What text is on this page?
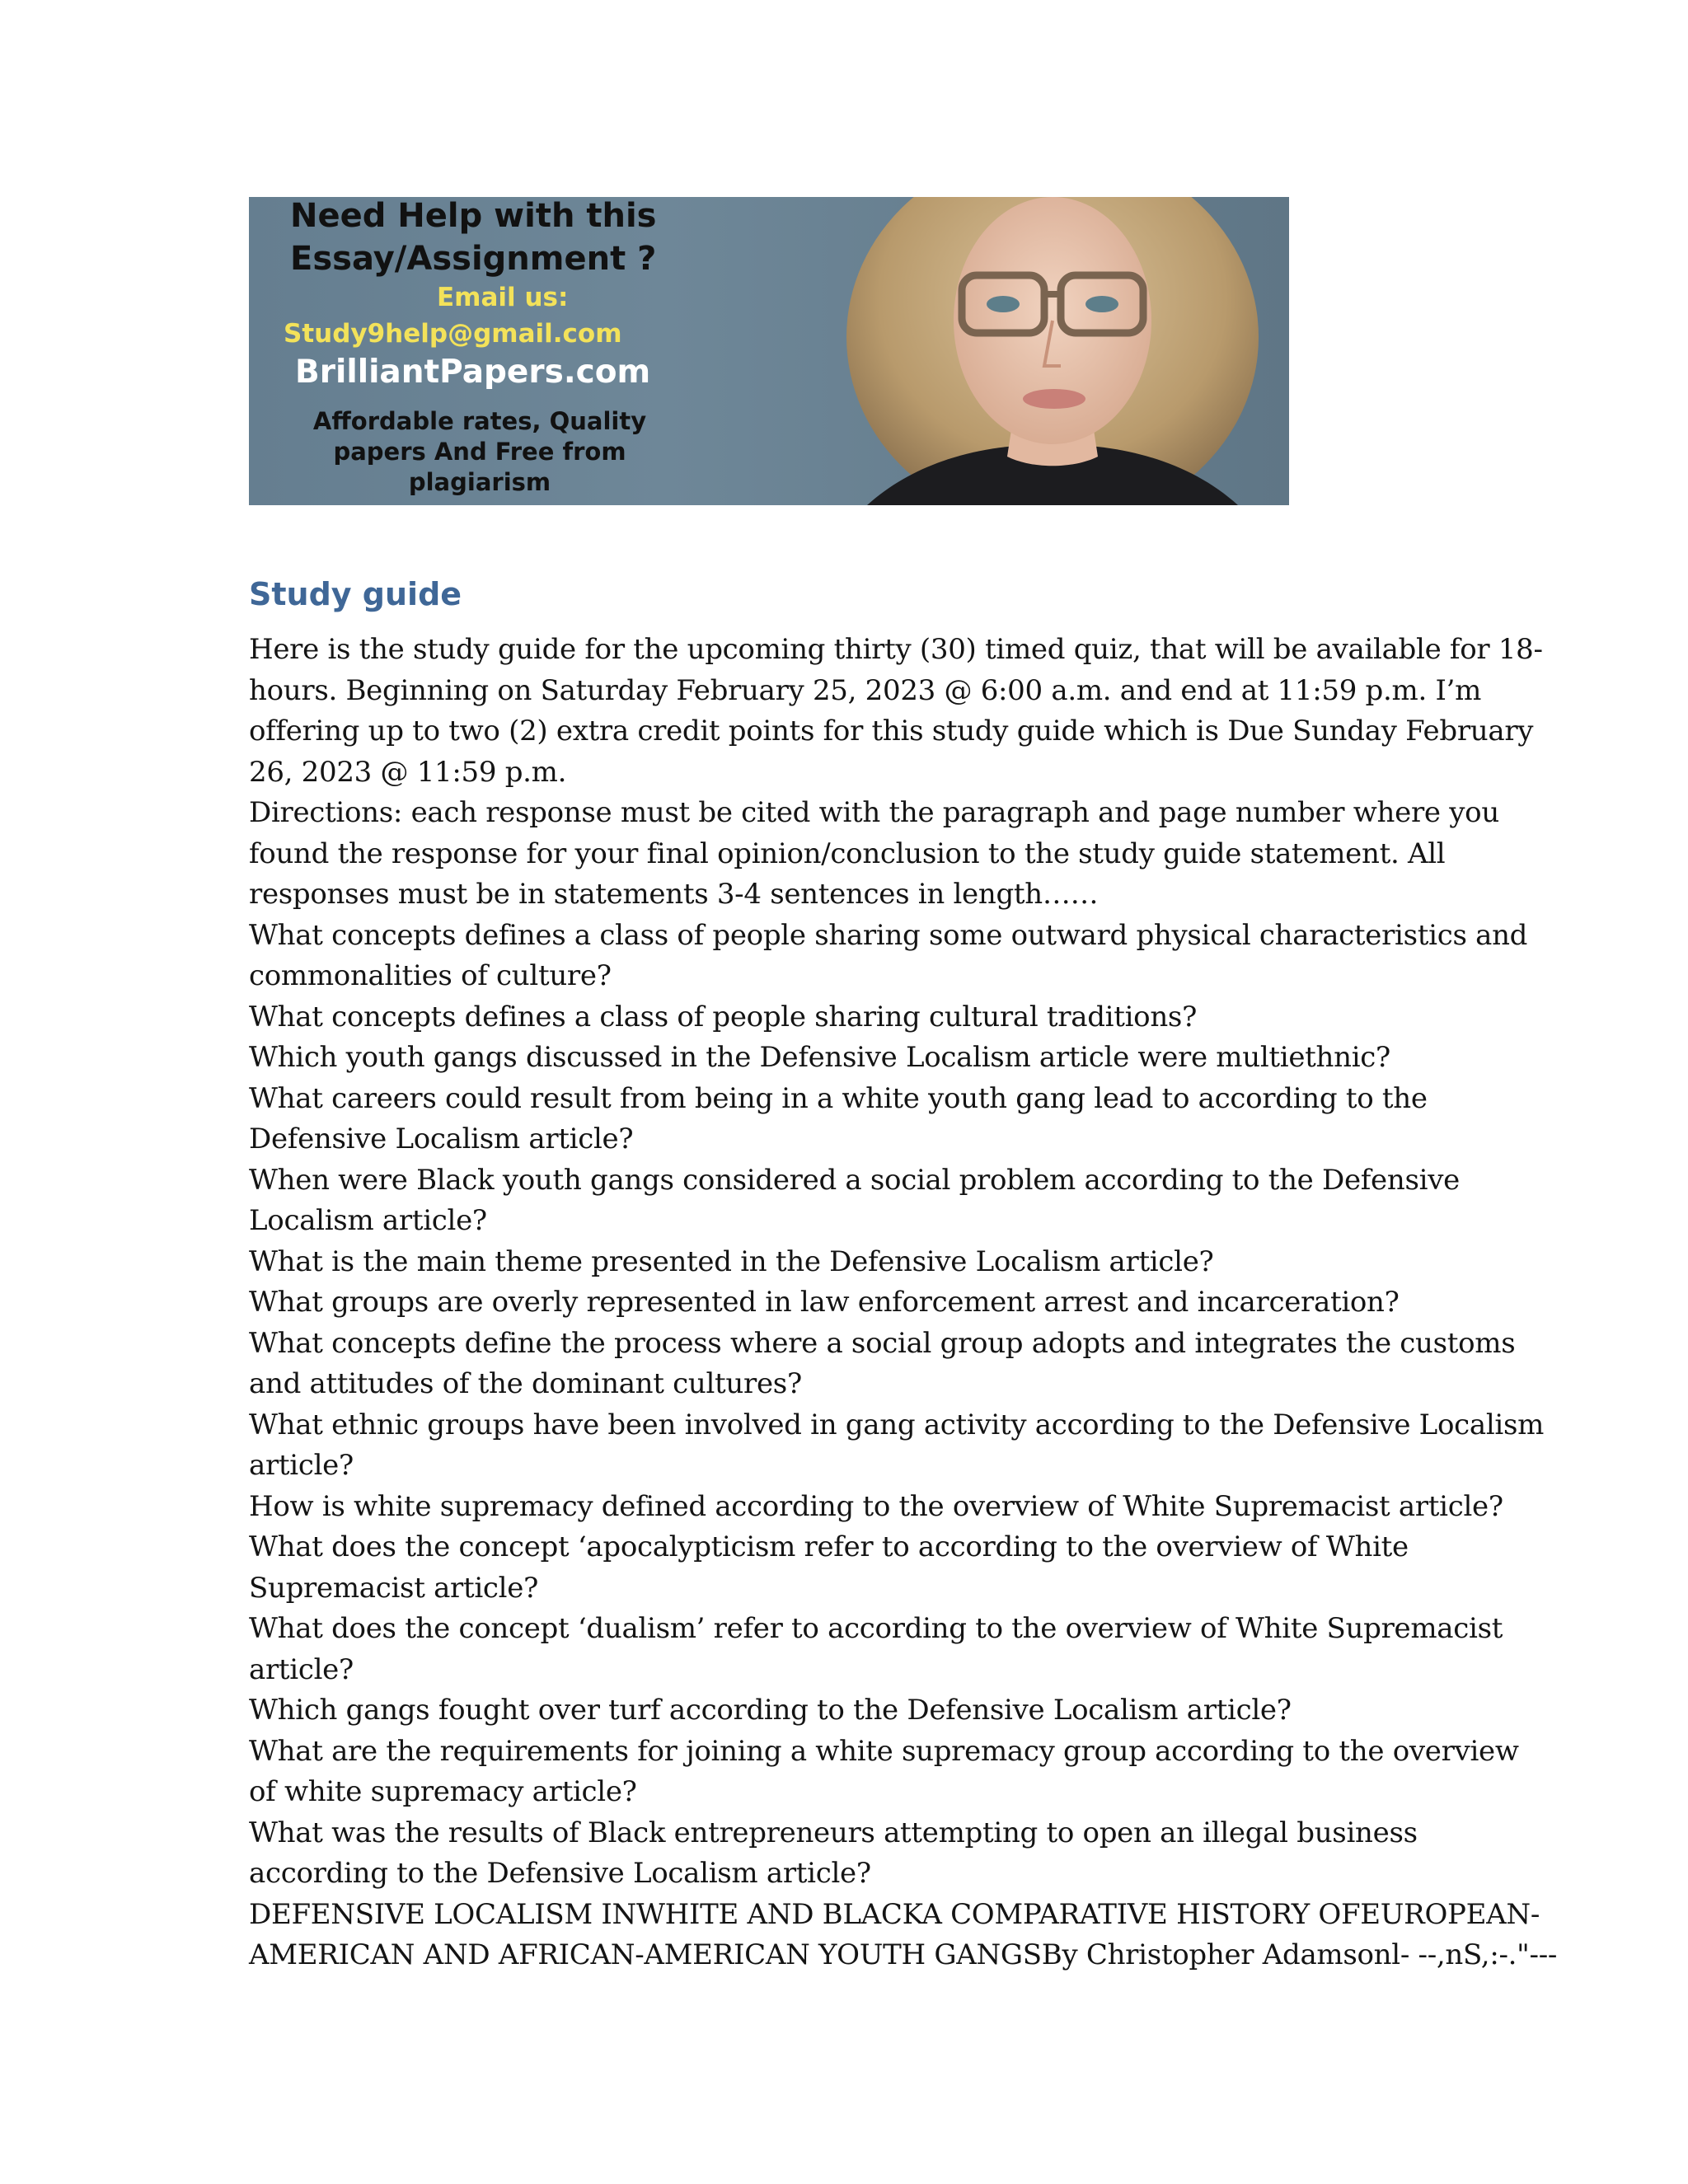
Need Help with this
Essay/Assignment ?
Email us:
Study9help@gmail.com
BrilliantPapers.com
Affordable rates, Quality
papers And Free from
plagiarism
Study guide
Here is the study guide for the upcoming thirty (30) timed quiz, that will be available for 18-
hours. Beginning on Saturday February 25, 2023 @ 6:00 a.m. and end at 11:59 p.m. I’m
offering up to two (2) extra credit points for this study guide which is Due Sunday February
26, 2023 @ 11:59 p.m.
Directions: each response must be cited with the paragraph and page number where you
found the response for your final opinion/conclusion to the study guide statement. All
responses must be in statements 3-4 sentences in length……
What concepts defines a class of people sharing some outward physical characteristics and
commonalities of culture?
What concepts defines a class of people sharing cultural traditions?
Which youth gangs discussed in the Defensive Localism article were multiethnic?
What careers could result from being in a white youth gang lead to according to the
Defensive Localism article?
When were Black youth gangs considered a social problem according to the Defensive
Localism article?
What is the main theme presented in the Defensive Localism article?
What groups are overly represented in law enforcement arrest and incarceration?
What concepts define the process where a social group adopts and integrates the customs
and attitudes of the dominant cultures?
What ethnic groups have been involved in gang activity according to the Defensive Localism
article?
How is white supremacy defined according to the overview of White Supremacist article?
What does the concept ‘apocalypticism refer to according to the overview of White
Supremacist article?
What does the concept ‘dualism’ refer to according to the overview of White Supremacist
article?
Which gangs fought over turf according to the Defensive Localism article?
What are the requirements for joining a white supremacy group according to the overview
of white supremacy article?
What was the results of Black entrepreneurs attempting to open an illegal business
according to the Defensive Localism article?
DEFENSIVE LOCALISM INWHITE AND BLACKA COMPARATIVE HISTORY OFEUROPEAN-
AMERICAN AND AFRICAN-AMERICAN YOUTH GANGSBy Christopher Adamsonl- --,nS,:-."---
